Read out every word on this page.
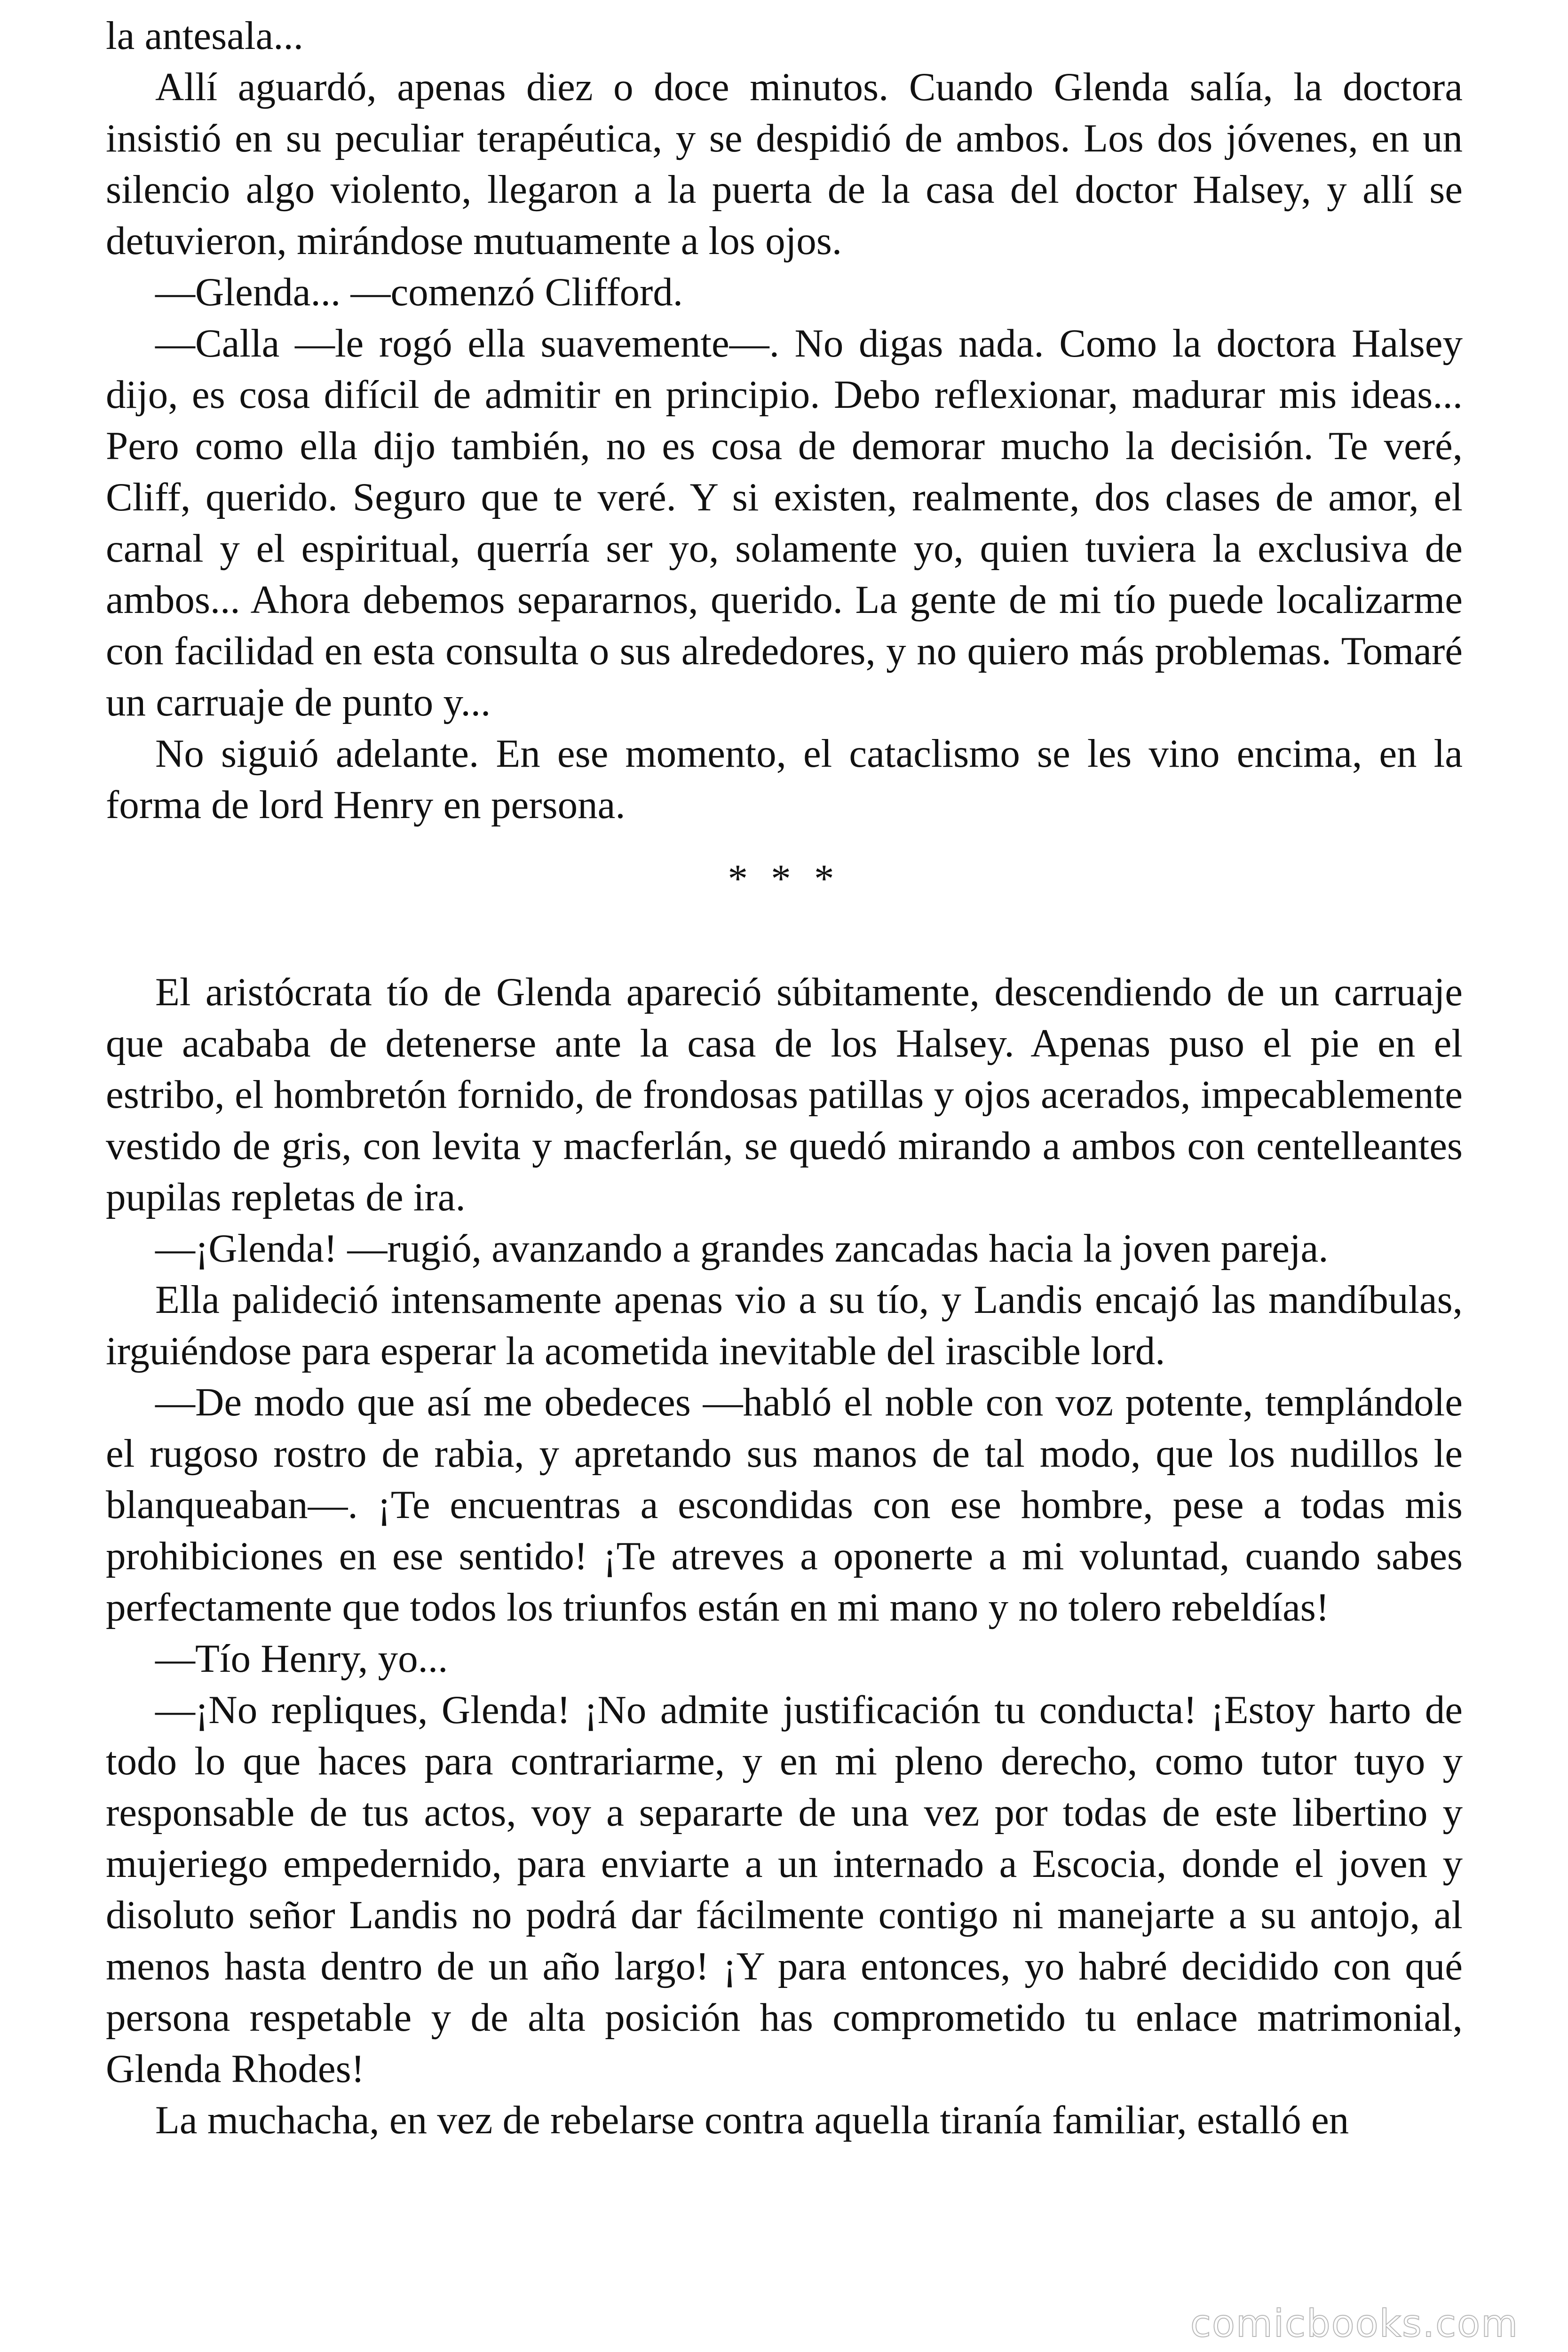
la antesala...

Allí aguardó, apenas diez o doce minutos. Cuando Glenda salía, la doctora insistió en su peculiar terapéutica, y se despidió de ambos. Los dos jóvenes, en un silencio algo violento, llegaron a la puerta de la casa del doctor Halsey, y allí se detuvieron, mirándose mutuamente a los ojos.

—Glenda... —comenzó Clifford.

—Calla —le rogó ella suavemente—. No digas nada. Como la doctora Halsey dijo, es cosa difícil de admitir en principio. Debo reflexionar, madurar mis ideas... Pero como ella dijo también, no es cosa de demorar mucho la decisión. Te veré, Cliff, querido. Seguro que te veré. Y si existen, realmente, dos clases de amor, el carnal y el espiritual, querría ser yo, solamente yo, quien tuviera la exclusiva de ambos... Ahora debemos separarnos, querido. La gente de mi tío puede localizarme con facilidad en esta consulta o sus alrededores, y no quiero más problemas. Tomaré un carruaje de punto y...

No siguió adelante. En ese momento, el cataclismo se les vino encima, en la forma de lord Henry en persona.

* * *

El aristócrata tío de Glenda apareció súbitamente, descendiendo de un carruaje que acababa de detenerse ante la casa de los Halsey. Apenas puso el pie en el estribo, el hombretón fornido, de frondosas patillas y ojos acerados, impecablemente vestido de gris, con levita y macferlán, se quedó mirando a ambos con centelleantes pupilas repletas de ira.

—¡Glenda! —rugió, avanzando a grandes zancadas hacia la joven pareja.

Ella palideció intensamente apenas vio a su tío, y Landis encajó las mandíbulas, irguiéndose para esperar la acometida inevitable del irascible lord.

—De modo que así me obedeces —habló el noble con voz potente, templándole el rugoso rostro de rabia, y apretando sus manos de tal modo, que los nudillos le blanqueaban—. ¡Te encuentras a escondidas con ese hombre, pese a todas mis prohibiciones en ese sentido! ¡Te atreves a oponerte a mi voluntad, cuando sabes perfectamente que todos los triunfos están en mi mano y no tolero rebeldías!

—Tío Henry, yo...

—¡No repliques, Glenda! ¡No admite justificación tu conducta! ¡Estoy harto de todo lo que haces para contrariarme, y en mi pleno derecho, como tutor tuyo y responsable de tus actos, voy a separarte de una vez por todas de este libertino y mujeriego empedernido, para enviarte a un internado a Escocia, donde el joven y disoluto señor Landis no podrá dar fácilmente contigo ni manejarte a su antojo, al menos hasta dentro de un año largo! ¡Y para entonces, yo habré decidido con qué persona respetable y de alta posición has comprometido tu enlace matrimonial, Glenda Rhodes!

La muchacha, en vez de rebelarse contra aquella tiranía familiar, estalló en

comicbooks.com
